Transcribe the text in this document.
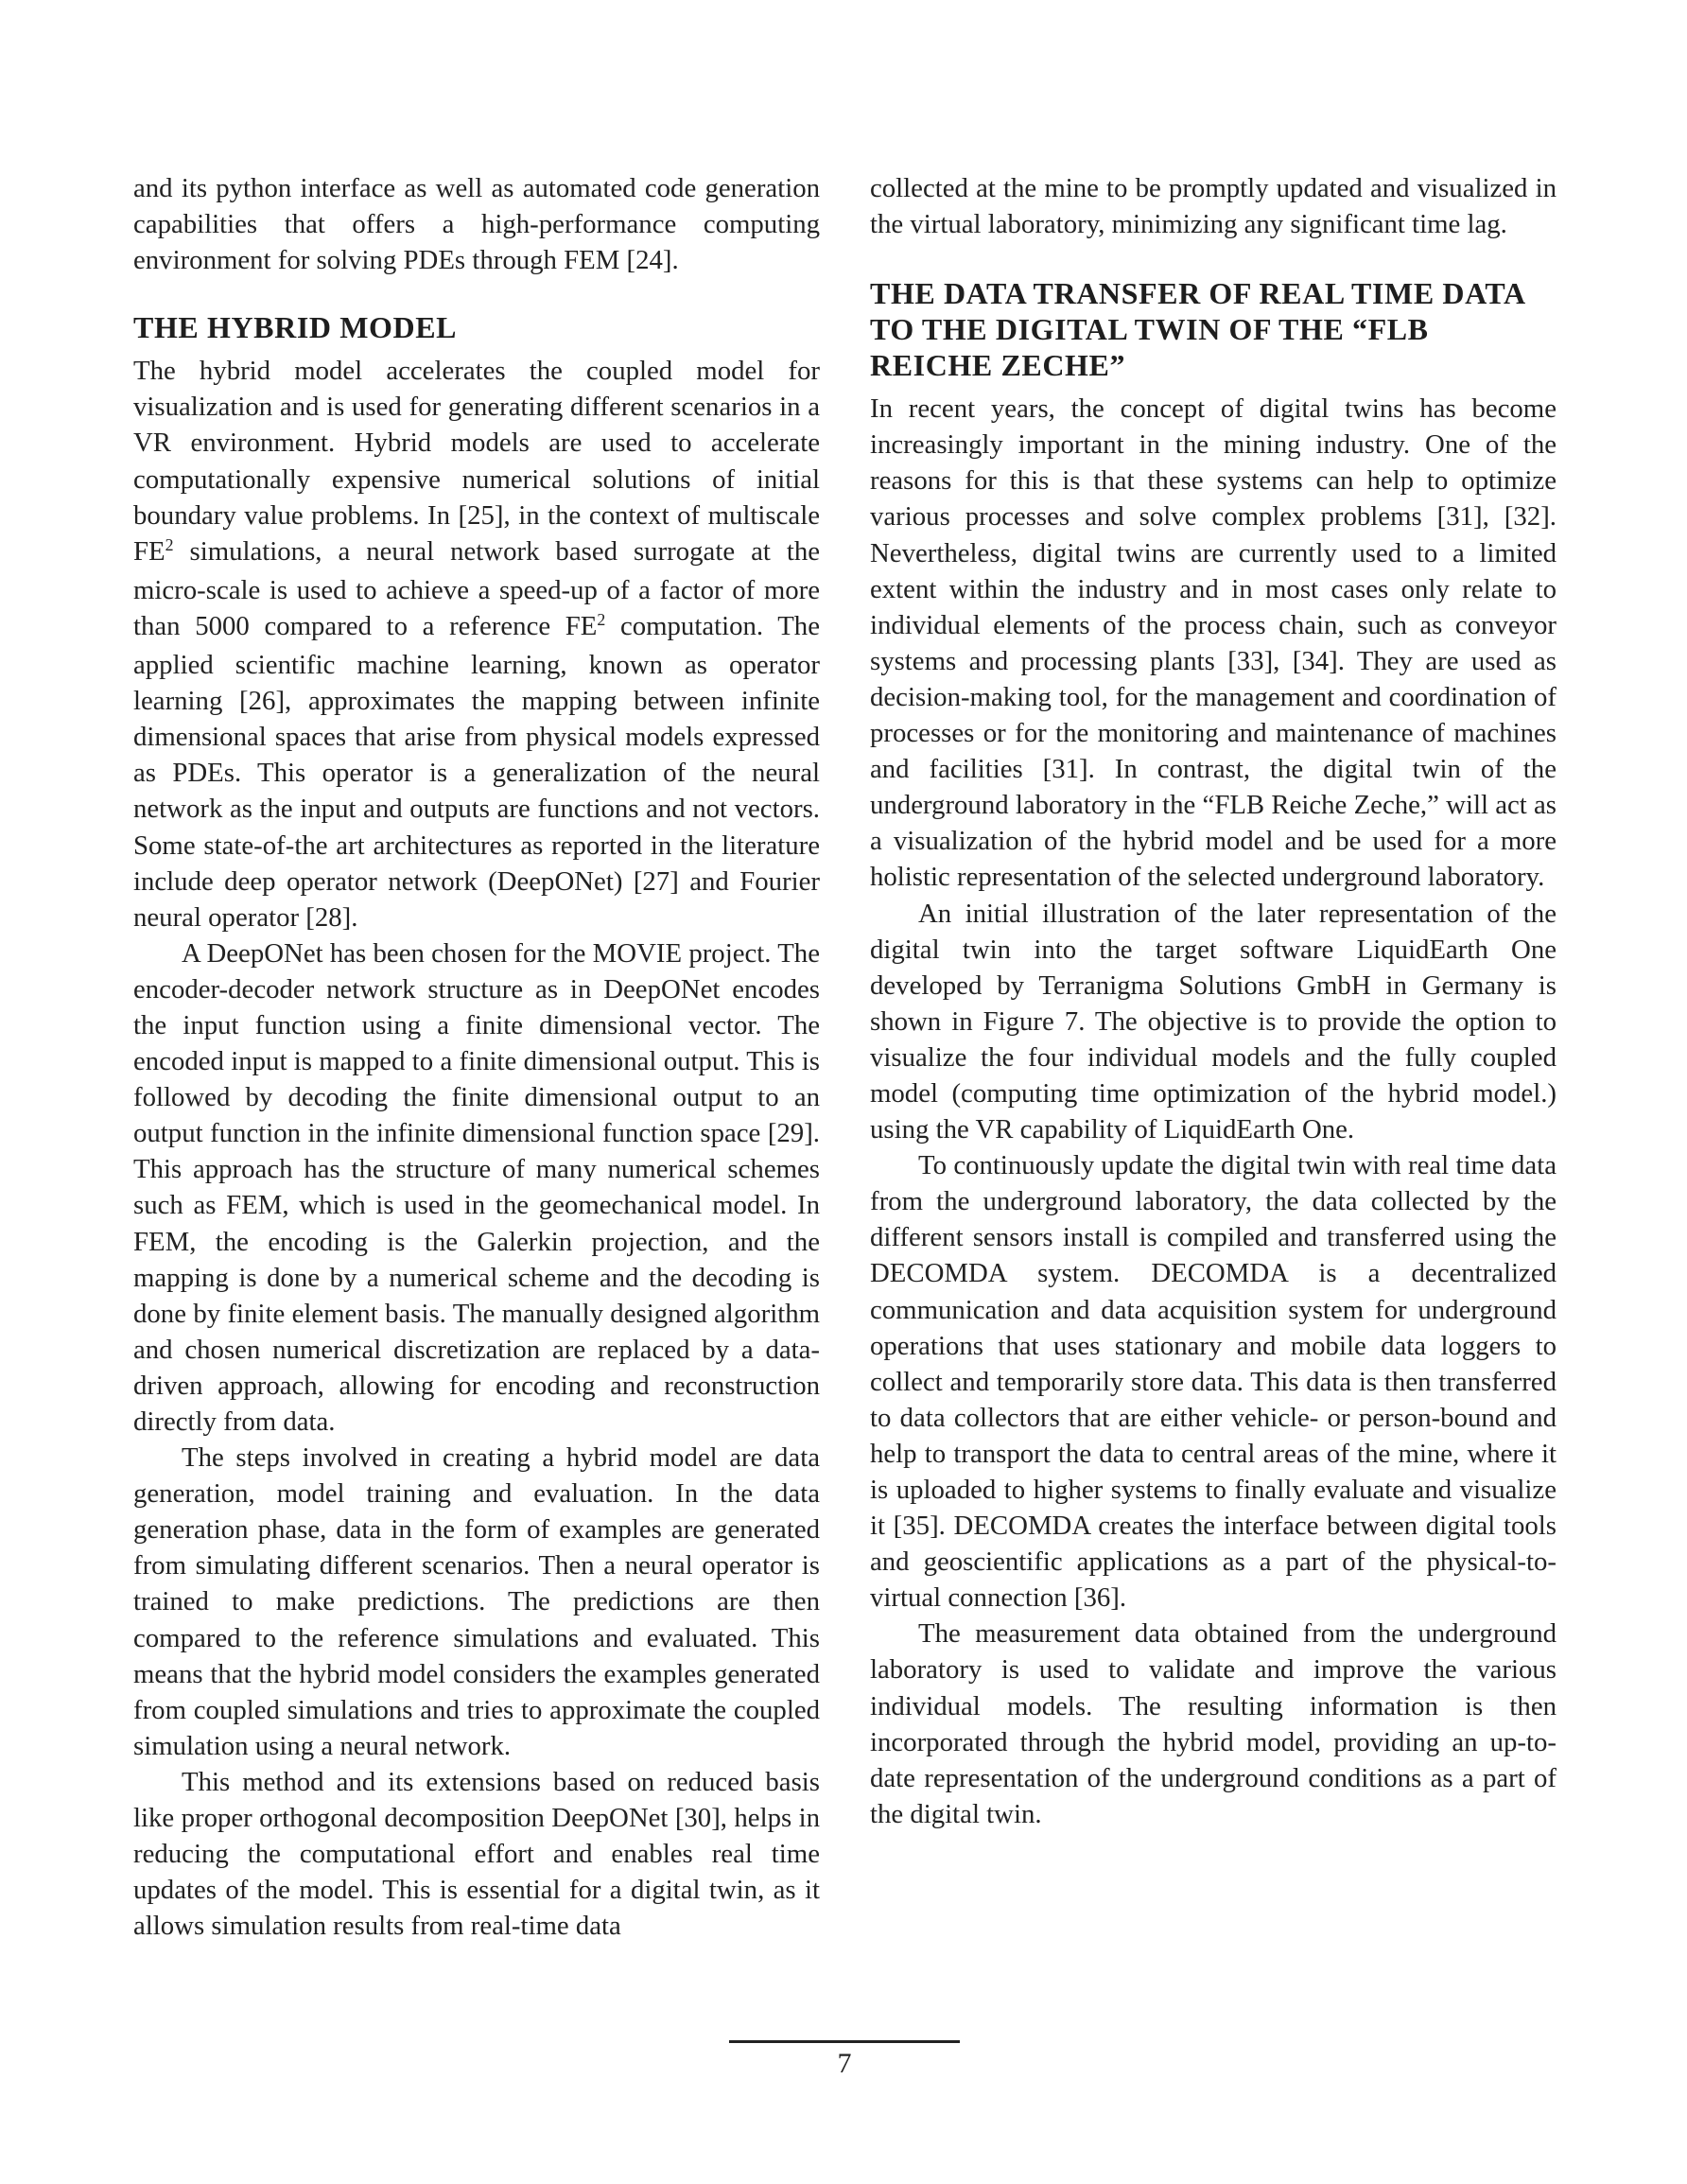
and its python interface as well as automated code generation capabilities that offers a high-performance computing environment for solving PDEs through FEM [24].

THE HYBRID MODEL

The hybrid model accelerates the coupled model for visualization and is used for generating different scenarios in a VR environment. Hybrid models are used to accelerate computationally expensive numerical solutions of initial boundary value problems. In [25], in the context of multiscale $FE^2$ simulations, a neural network based surrogate at the micro-scale is used to achieve a speed-up of a factor of more than 5000 compared to a reference $FE^2$ computation. The applied scientific machine learning, known as operator learning [26], approximates the mapping between infinite dimensional spaces that arise from physical models expressed as PDEs. This operator is a generalization of the neural network as the input and outputs are functions and not vectors. Some state-of-the art architectures as reported in the literature include deep operator network (DeepONet) [27] and Fourier neural operator [28].

A DeepONet has been chosen for the MOVIE project. The encoder-decoder network structure as in DeepONet encodes the input function using a finite dimensional vector. The encoded input is mapped to a finite dimensional output. This is followed by decoding the finite dimensional output to an output function in the infinite dimensional function space [29]. This approach has the structure of many numerical schemes such as FEM, which is used in the geomechanical model. In FEM, the encoding is the Galerkin projection, and the mapping is done by a numerical scheme and the decoding is done by finite element basis. The manually designed algorithm and chosen numerical discretization are replaced by a data-driven approach, allowing for encoding and reconstruction directly from data.

The steps involved in creating a hybrid model are data generation, model training and evaluation. In the data generation phase, data in the form of examples are generated from simulating different scenarios. Then a neural operator is trained to make predictions. The predictions are then compared to the reference simulations and evaluated. This means that the hybrid model considers the examples generated from coupled simulations and tries to approximate the coupled simulation using a neural network.

This method and its extensions based on reduced basis like proper orthogonal decomposition DeepONet [30], helps in reducing the computational effort and enables real time updates of the model. This is essential for a digital twin, as it allows simulation results from real-time data

collected at the mine to be promptly updated and visualized in the virtual laboratory, minimizing any significant time lag.

THE DATA TRANSFER OF REAL TIME DATA TO THE DIGITAL TWIN OF THE “FLB REICHE ZECHE”

In recent years, the concept of digital twins has become increasingly important in the mining industry. One of the reasons for this is that these systems can help to optimize various processes and solve complex problems [31], [32]. Nevertheless, digital twins are currently used to a limited extent within the industry and in most cases only relate to individual elements of the process chain, such as conveyor systems and processing plants [33], [34]. They are used as decision-making tool, for the management and coordination of processes or for the monitoring and maintenance of machines and facilities [31]. In contrast, the digital twin of the underground laboratory in the “FLB Reiche Zeche,” will act as a visualization of the hybrid model and be used for a more holistic representation of the selected underground laboratory.

An initial illustration of the later representation of the digital twin into the target software LiquidEarth One developed by Terranigma Solutions GmbH in Germany is shown in Figure 7. The objective is to provide the option to visualize the four individual models and the fully coupled model (computing time optimization of the hybrid model.) using the VR capability of LiquidEarth One.

To continuously update the digital twin with real time data from the underground laboratory, the data collected by the different sensors install is compiled and transferred using the DECOMDA system. DECOMDA is a decentralized communication and data acquisition system for underground operations that uses stationary and mobile data loggers to collect and temporarily store data. This data is then transferred to data collectors that are either vehicle- or person-bound and help to transport the data to central areas of the mine, where it is uploaded to higher systems to finally evaluate and visualize it [35]. DECOMDA creates the interface between digital tools and geoscientific applications as a part of the physical-to-virtual connection [36].

The measurement data obtained from the underground laboratory is used to validate and improve the various individual models. The resulting information is then incorporated through the hybrid model, providing an up-to-date representation of the underground conditions as a part of the digital twin.

7
